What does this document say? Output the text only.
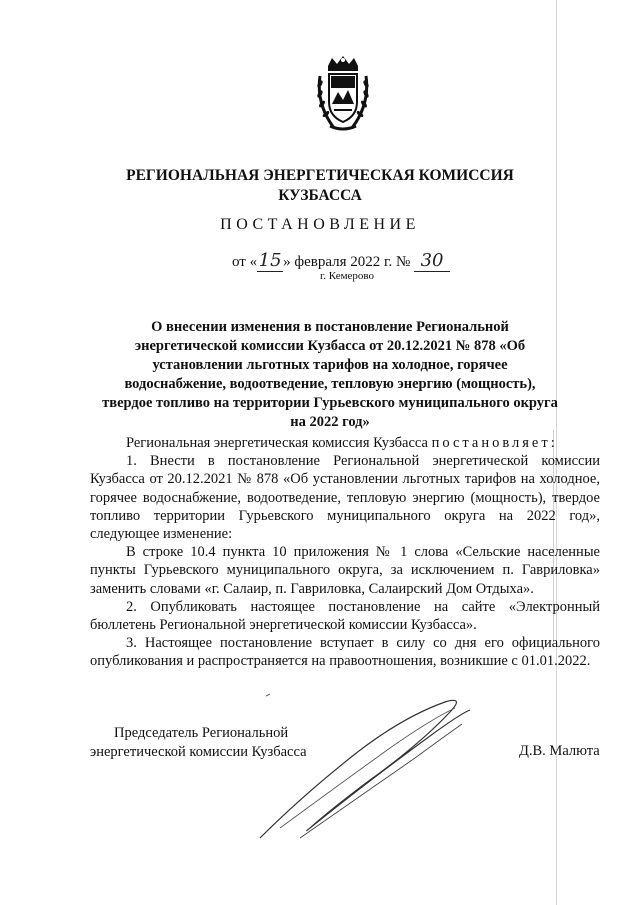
РЕГИОНАЛЬНАЯ ЭНЕРГЕТИЧЕСКАЯ КОМИССИЯ
КУЗБАССА
ПОСТАНОВЛЕНИЕ
от «15 » февраля 2022 г. № 30
г. Кемерово
О внесении изменения в постановление Региональной энергетической комиссии Кузбасса от 20.12.2021 № 878 «Об установлении льготных тарифов на холодное, горячее водоснабжение, водоотведение, тепловую энергию (мощность), твердое топливо на территории Гурьевского муниципального округа на 2022 год»

Региональная энергетическая комиссия Кузбасса постановляет:

1. Внести в постановление Региональной энергетической комиссии Кузбасса от 20.12.2021 № 878 «Об установлении льготных тарифов на холодное, горячее водоснабжение, водоотведение, тепловую энергию (мощность), твердое топливо территории Гурьевского муниципального округа на 2022 год», следующее изменение:

В строке 10.4 пункта 10 приложения № 1 слова «Сельские населенные пункты Гурьевского муниципального округа, за исключением п. Гавриловка» заменить словами «г. Салаир, п. Гавриловка, Салаирский Дом Отдыха».

2. Опубликовать настоящее постановление на сайте «Электронный бюллетень Региональной энергетической комиссии Кузбасса».

3. Настоящее постановление вступает в силу со дня его официального опубликования и распространяется на правоотношения, возникшие с 01.01.2022.

Председатель Региональной
энергетической комиссии Кузбасса	Д.В. Малюта
